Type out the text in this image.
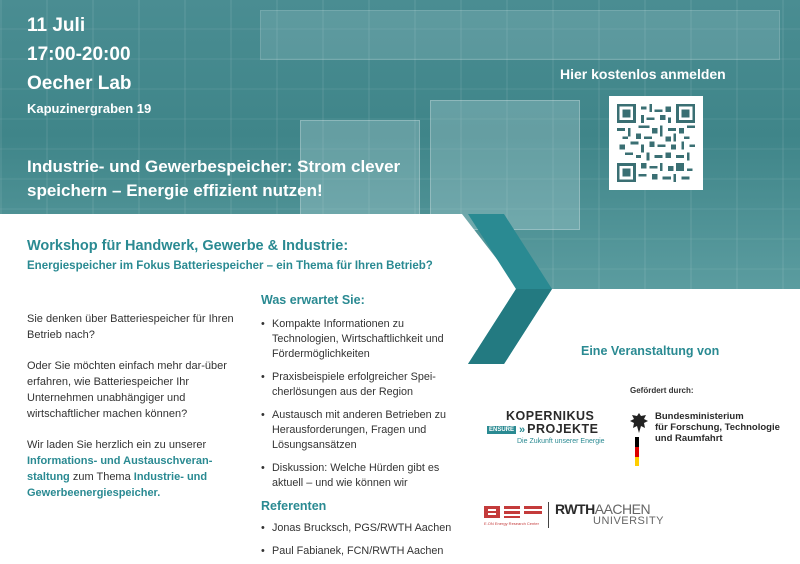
11 Juli
17:00-20:00
Oecher Lab
Kapuzinergraben 19
Industrie- und Gewerbespeicher: Strom clever speichern – Energie effizient nutzen!
Hier kostenlos anmelden
Workshop für Handwerk, Gewerbe & Industrie:
Energiespeicher im Fokus Batteriespeicher – ein Thema für Ihren Betrieb?

Sie denken über Batteriespeicher für Ihren Betrieb nach?

Oder Sie möchten einfach mehr dar-über erfahren, wie Batteriespeicher Ihr Unternehmen unabhängiger und wirtschaftlicher machen können?

Wir laden Sie herzlich ein zu unserer Informations- und Austauschveran-staltung zum Thema Industrie- und Gewerbeenergiespeicher.

Was erwartet Sie:
• Kompakte Informationen zu Technologien, Wirtschaftlichkeit und Fördermöglichkeiten
• Praxisbeispiele erfolgreicher Spei-cherlösungen aus der Region
• Austausch mit anderen Betrieben zu Herausforderungen, Fragen und Lösungsansätzen
• Diskussion: Welche Hürden gibt es aktuell – und wie können wir
Referenten
• Jonas Brucksch, PGS/RWTH Aachen
• Paul Fabianek, FCN/RWTH Aachen
Eine Veranstaltung von
Gefördert durch:
KOPERNIKUS
ENSURE » PROJEKTE
Die Zukunft unserer Energie
Bundesministerium
für Forschung, Technologie
und Raumfahrt
E.ON Energy Research Center
RWTHAACHEN
UNIVERSITY
